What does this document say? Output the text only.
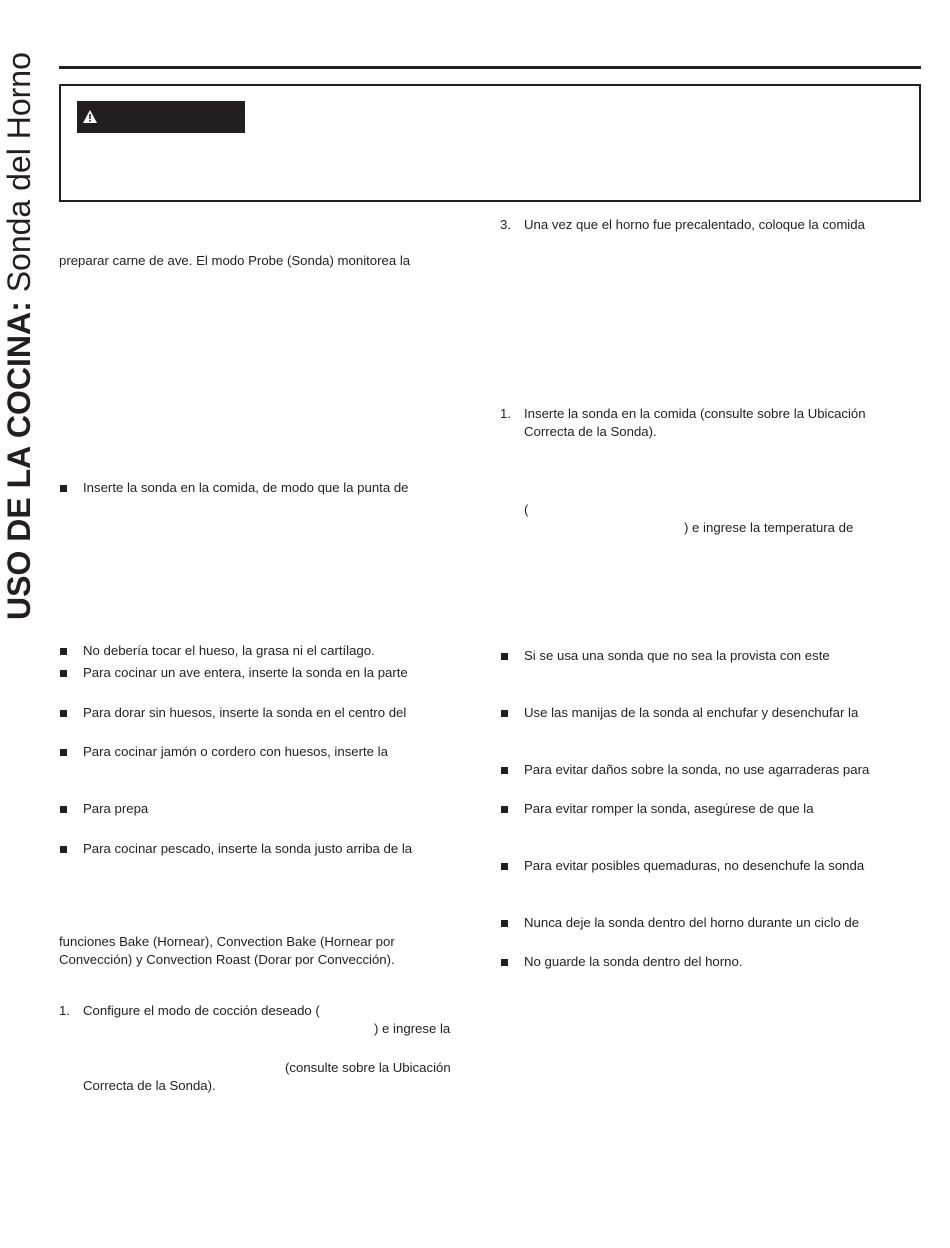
USO DE LA COCINA: Sonda del Horno preparar carne de ave. El modo Probe (Sonda) monitorea la
Inserte la sonda en la comida, de modo que la punta de
No debería tocar el hueso, la grasa ni el cartílago.
Para cocinar un ave entera, inserte la sonda en la parte
Para dorar sin huesos, inserte la sonda en el centro del
Para cocinar jamón o cordero con huesos, inserte la
Para prepa
Para cocinar pescado, inserte la sonda justo arriba de la
funciones Bake (Hornear), Convection Bake (Hornear por
Convección) y Convection Roast (Dorar por Convección).
1. Configure el modo de cocción deseado (
) e ingrese la
(consulte sobre la Ubicación
Correcta de la Sonda).
3. Una vez que el horno fue precalentado, coloque la comida
1. Inserte la sonda en la comida (consulte sobre la Ubicación
Correcta de la Sonda).
(
) e ingrese la temperatura de
Si se usa una sonda que no sea la provista con este
Use las manijas de la sonda al enchufar y desenchufar la
Para evitar daños sobre la sonda, no use agarraderas para
Para evitar romper la sonda, asegúrese de que la
Para evitar posibles quemaduras, no desenchufe la sonda
Nunca deje la sonda dentro del horno durante un ciclo de
No guarde la sonda dentro del horno.
